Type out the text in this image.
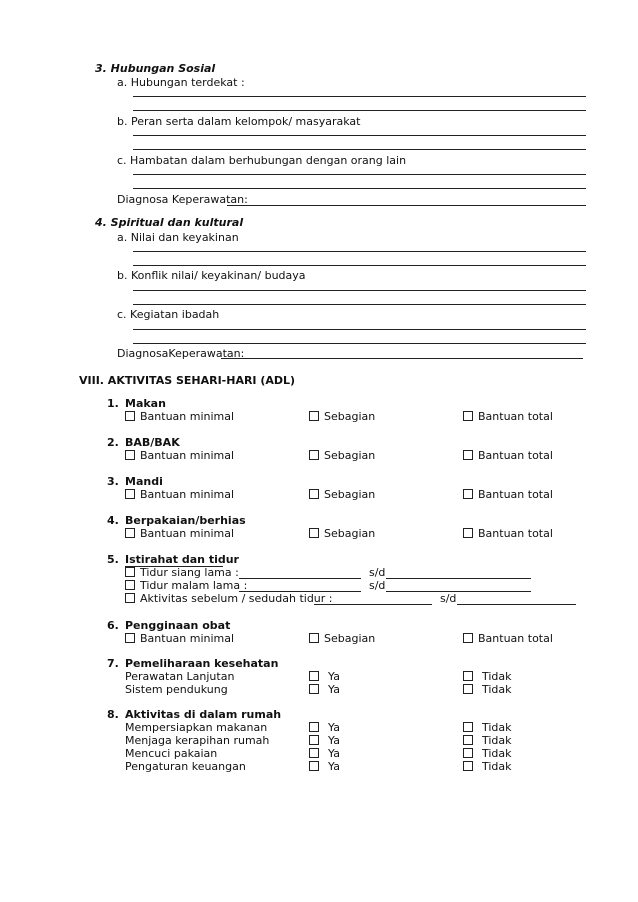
3. Hubungan Sosial
a. Hubungan terdekat :
b. Peran serta dalam kelompok/ masyarakat
c. Hambatan dalam berhubungan dengan orang lain
Diagnosa Keperawatan:
4. Spiritual dan kultural
a. Nilai dan keyakinan
b. Konflik nilai/ keyakinan/ budaya
c. Kegiatan ibadah
DiagnosaKeperawatan:
VIII. AKTIVITAS SEHARI-HARI (ADL)
1. Makan
Bantuan minimal	Sebagian	Bantuan total
2. BAB/BAK
Bantuan minimal	Sebagian	Bantuan total
3. Mandi
Bantuan minimal	Sebagian	Bantuan total
4. Berpakaian/berhias
Bantuan minimal	Sebagian	Bantuan total
5. Istirahat dan tidur
Tidur siang lama :	s/d
Tidur malam lama :	s/d
Aktivitas sebelum / sedudah tidur :	s/d
6. Pengginaan obat
Bantuan minimal	Sebagian	Bantuan total
7. Pemeliharaan kesehatan
Perawatan Lanjutan	Ya	Tidak
Sistem pendukung	Ya	Tidak
8. Aktivitas di dalam rumah
Mempersiapkan makanan	Ya	Tidak
Menjaga kerapihan rumah	Ya	Tidak
Mencuci pakaian	Ya	Tidak
Pengaturan keuangan	Ya	Tidak
